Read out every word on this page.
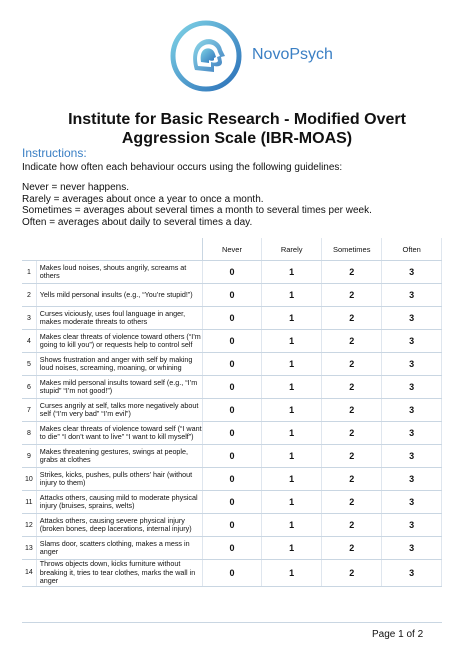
NovoPsych
Institute for Basic Research - Modified Overt Aggression Scale (IBR-MOAS)
Instructions:
Indicate how often each behaviour occurs using the following guidelines:
Never = never happens.
Rarely = averages about once a year to once a month.
Sometimes = averages about several times a month to several times per week.
Often = averages about daily to several times a day.
		Never	Rarely	Sometimes	Often
1	Makes loud noises, shouts angrily, screams at others	0	1	2	3
2	Yells mild personal insults (e.g., “You’re stupid!”)	0	1	2	3
3	Curses viciously, uses foul language in anger, makes moderate threats to others	0	1	2	3
4	Makes clear threats of violence toward others (“I’m going to kill you”) or requests help to control self	0	1	2	3
5	Shows frustration and anger with self by making loud noises, screaming, moaning, or whining	0	1	2	3
6	Makes mild personal insults toward self (e.g., “I’m stupid” “I’m not good!”)	0	1	2	3
7	Curses angrily at self, talks more negatively about self (“I’m very bad” “I’m evil”)	0	1	2	3
8	Makes clear threats of violence toward self (“I want to die” “I don’t want to live” “I want to kill myself”)	0	1	2	3
9	Makes threatening gestures, swings at people, grabs at clothes	0	1	2	3
10	Strikes, kicks, pushes, pulls others’ hair (without injury to them)	0	1	2	3
11	Attacks others, causing mild to moderate physical injury (bruises, sprains, welts)	0	1	2	3
12	Attacks others, causing severe physical injury (broken bones, deep lacerations, internal injury)	0	1	2	3
13	Slams door, scatters clothing, makes a mess in anger	0	1	2	3
14	Throws objects down, kicks furniture without breaking it, tries to tear clothes, marks the wall in anger	0	1	2	3
Page 1 of 2
